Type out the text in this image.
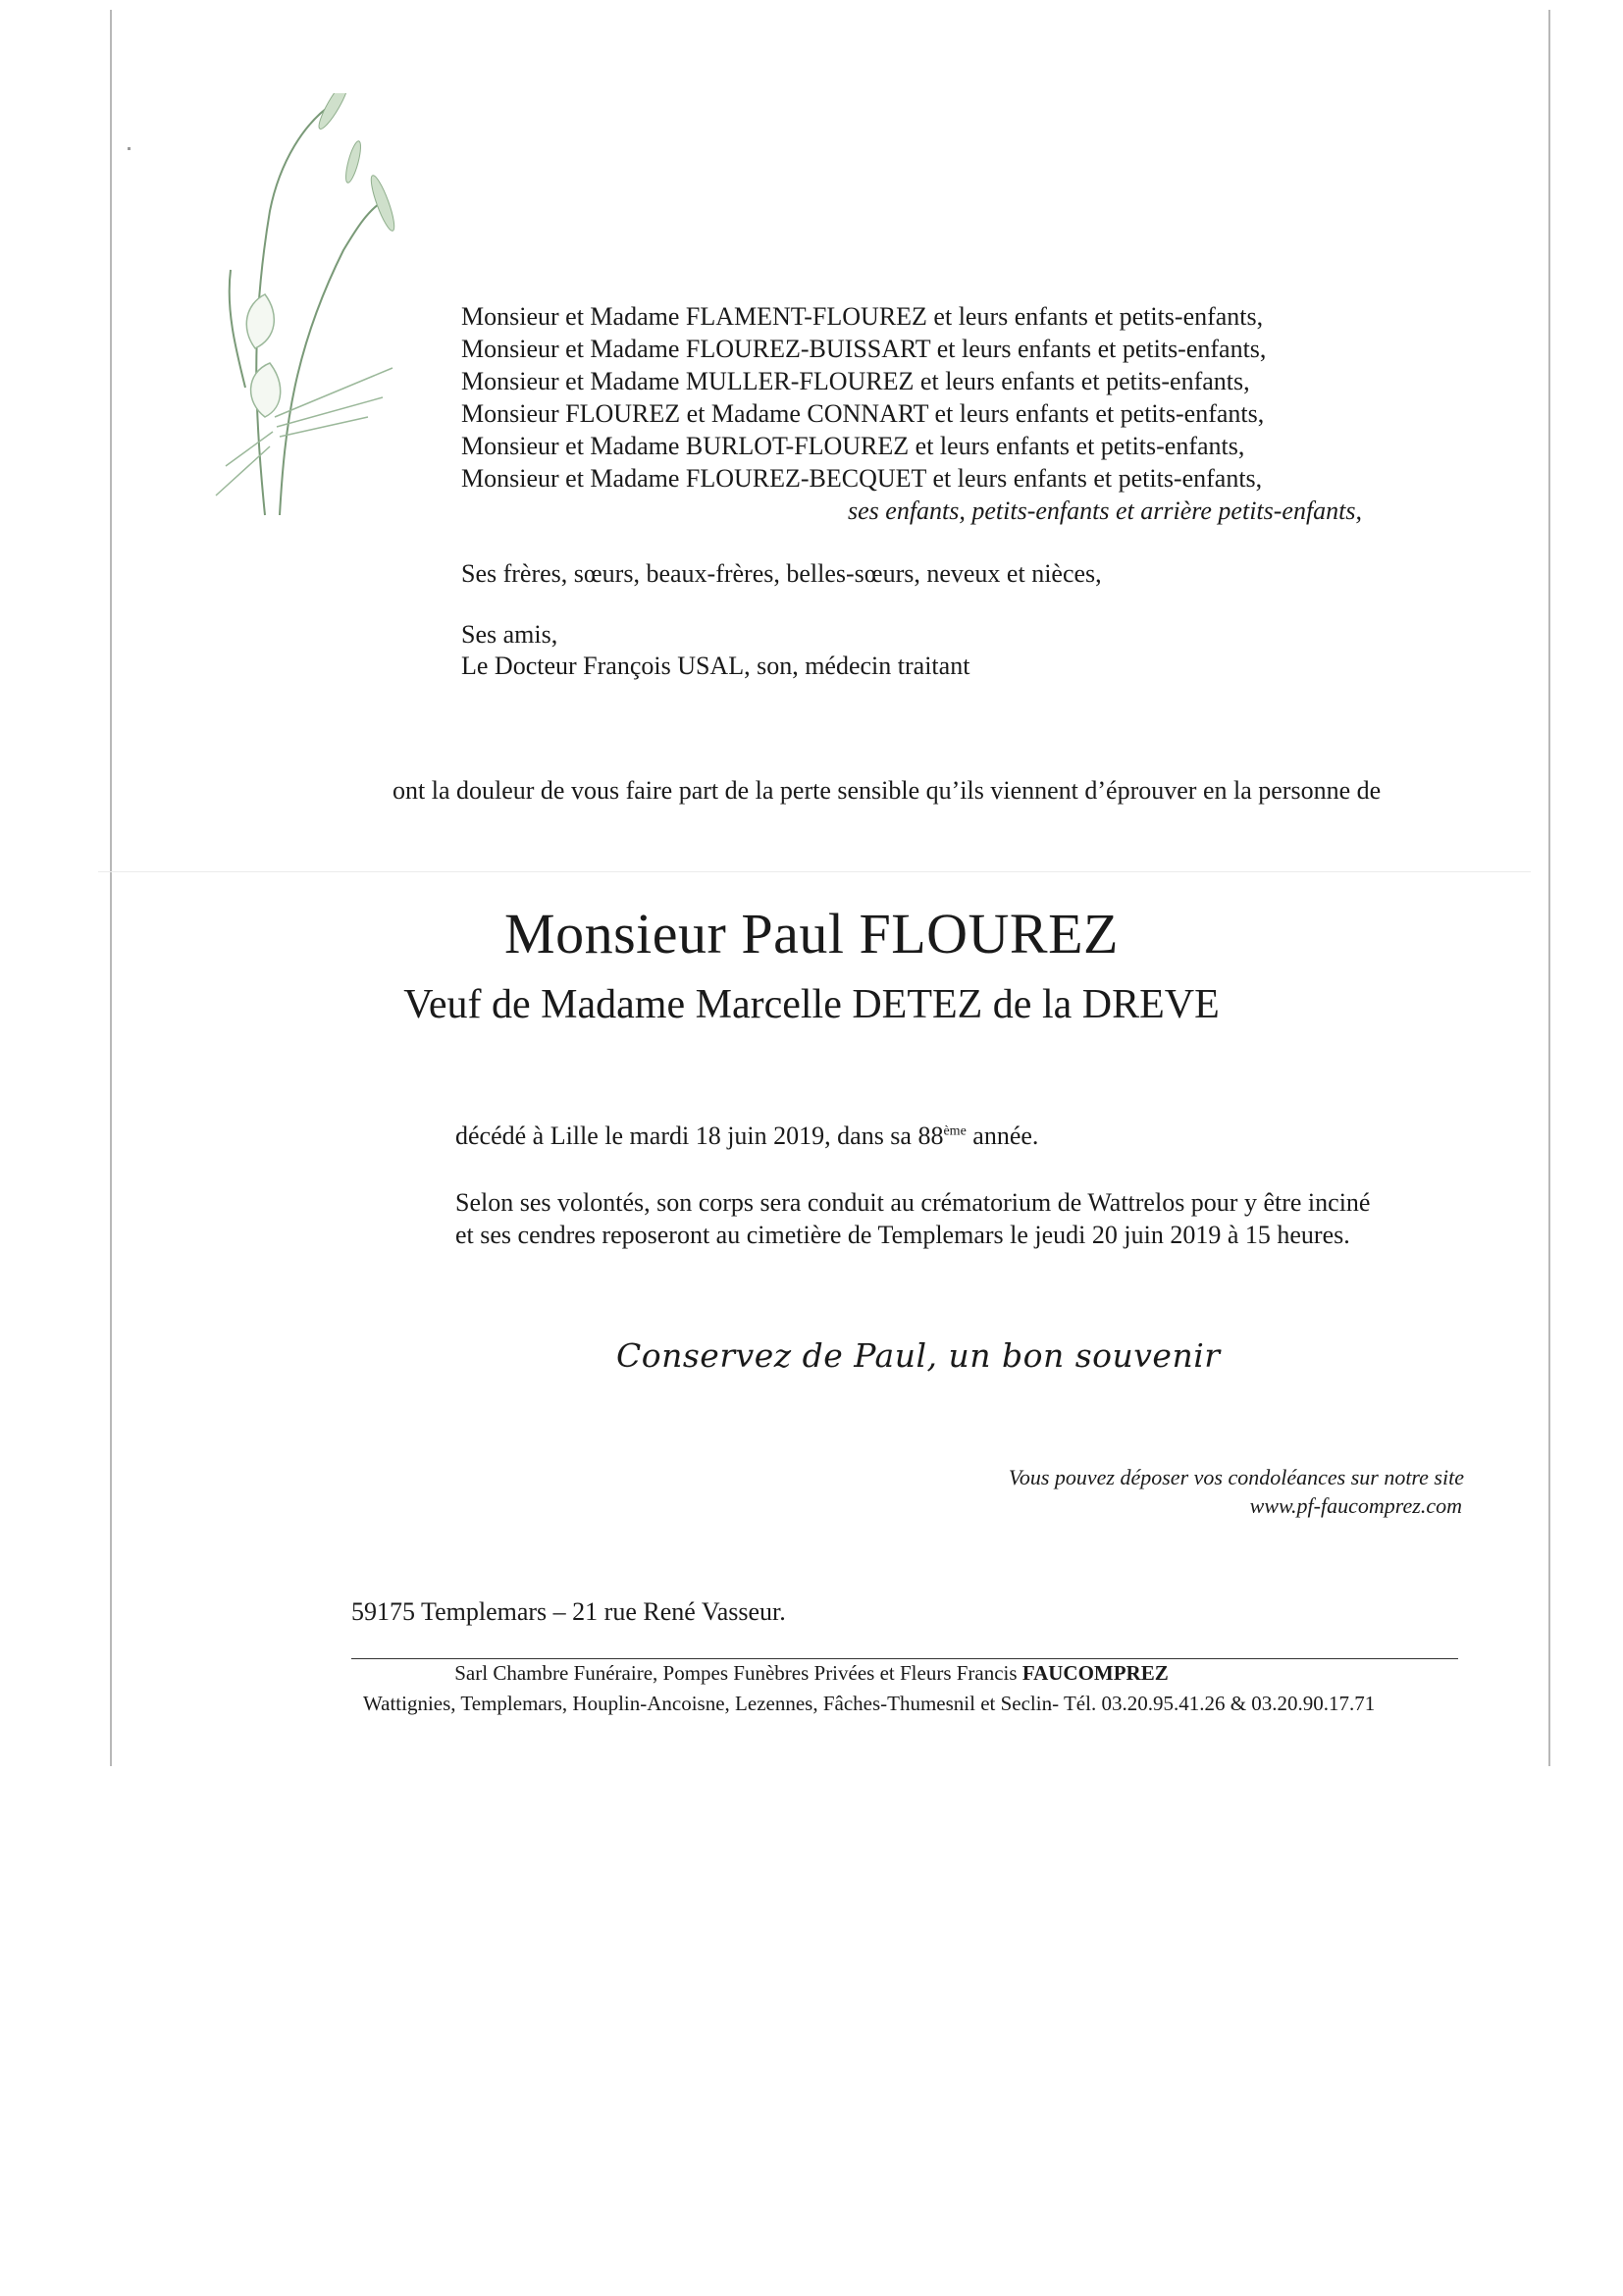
Monsieur et Madame FLAMENT-FLOUREZ et leurs enfants et petits-enfants,
Monsieur et Madame FLOUREZ-BUISSART et leurs enfants et petits-enfants,
Monsieur et Madame MULLER-FLOUREZ et leurs enfants et petits-enfants,
Monsieur FLOUREZ et Madame CONNART et leurs enfants et petits-enfants,
Monsieur et Madame BURLOT-FLOUREZ et leurs enfants et petits-enfants,
Monsieur et Madame FLOUREZ-BECQUET et leurs enfants et petits-enfants,
ses enfants, petits-enfants et arrière petits-enfants,
Ses frères, sœurs, beaux-frères, belles-sœurs, neveux et nièces,
Ses amis,
Le Docteur François USAL, son, médecin traitant
ont la douleur de vous faire part de la perte sensible qu’ils viennent d’éprouver en la personne de
Monsieur Paul FLOUREZ
Veuf de Madame Marcelle DETEZ de la DREVE
décédé à Lille le mardi 18 juin 2019, dans sa 88ème année.
Selon ses volontés, son corps sera conduit au crématorium de Wattrelos pour y être inciné
et ses cendres reposeront au cimetière de Templemars le jeudi 20 juin 2019 à 15 heures.
Conservez de Paul, un bon souvenir
Vous pouvez déposer vos condoléances sur notre site
www.pf-faucomprez.com
59175 Templemars – 21 rue René Vasseur.
Sarl Chambre Funéraire, Pompes Funèbres Privées et Fleurs Francis FAUCOMPREZ
Wattignies, Templemars, Houplin-Ancoisne, Lezennes, Fâches-Thumesnil et Seclin- Tél. 03.20.95.41.26 & 03.20.90.17.71
